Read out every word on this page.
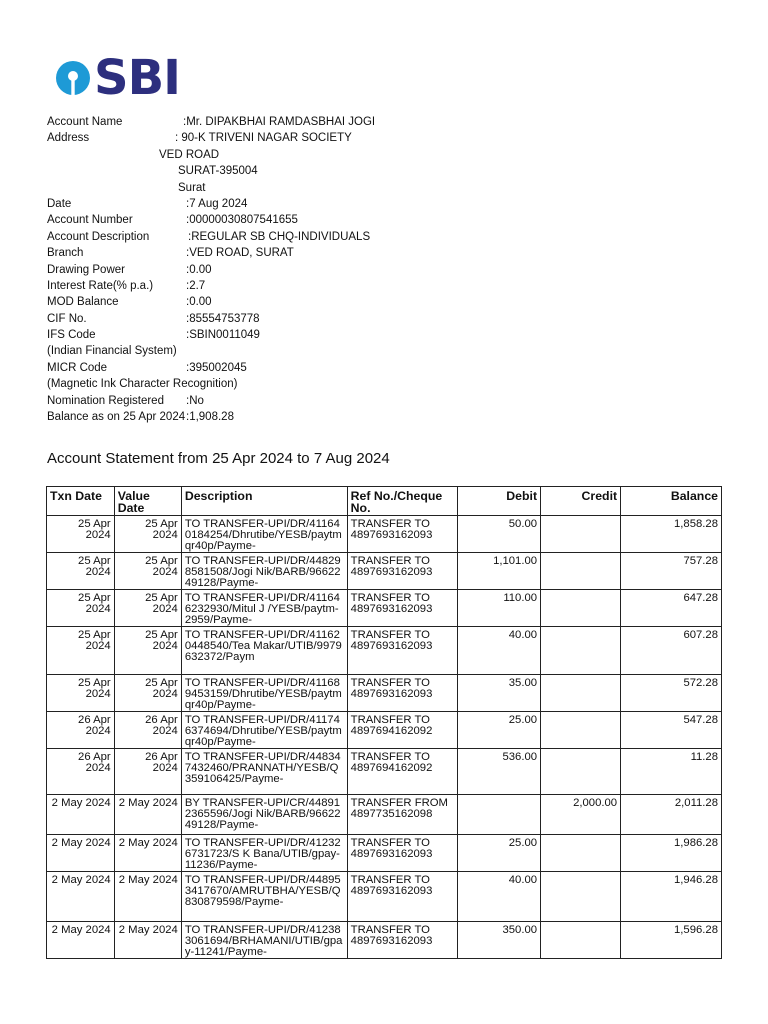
SBI
Account Name	:Mr. DIPAKBHAI RAMDASBHAI JOGI
Address	: 90-K TRIVENI NAGAR SOCIETY
VED ROAD
SURAT-395004
Surat
Date	:7 Aug 2024
Account Number	:00000030807541655
Account Description	:REGULAR SB CHQ-INDIVIDUALS
Branch	:VED ROAD, SURAT
Drawing Power	:0.00
Interest Rate(% p.a.)	:2.7
MOD Balance	:0.00
CIF No.	:85554753778
IFS Code	:SBIN0011049
(Indian Financial System)
MICR Code	:395002045
(Magnetic Ink Character Recognition)
Nomination Registered :No
Balance as on 25 Apr 2024 :1,908.28
Account Statement from 25 Apr 2024 to 7 Aug 2024
Txn Date	Value Date	Description	Ref No./Cheque No.	Debit	Credit	Balance
25 Apr 2024	25 Apr 2024	TO TRANSFER-UPI/DR/411640184254/Dhrutibe/YESB/paytmqr40p/Payme-	TRANSFER TO 4897693162093	50.00		1,858.28
25 Apr 2024	25 Apr 2024	TO TRANSFER-UPI/DR/448298581508/Jogi Nik/BARB/9662249128/Payme-	TRANSFER TO 4897693162093	1,101.00		757.28
25 Apr 2024	25 Apr 2024	TO TRANSFER-UPI/DR/411646232930/Mitul J /YESB/paytm-2959/Payme-	TRANSFER TO 4897693162093	110.00		647.28
25 Apr 2024	25 Apr 2024	TO TRANSFER-UPI/DR/411620448540/Tea Makar/UTIB/9979632372/Paym	TRANSFER TO 4897693162093	40.00		607.28
25 Apr 2024	25 Apr 2024	TO TRANSFER-UPI/DR/411689453159/Dhrutibe/YESB/paytmqr40p/Payme-	TRANSFER TO 4897693162093	35.00		572.28
26 Apr 2024	26 Apr 2024	TO TRANSFER-UPI/DR/411746374694/Dhrutibe/YESB/paytmqr40p/Payme-	TRANSFER TO 4897694162092	25.00		547.28
26 Apr 2024	26 Apr 2024	TO TRANSFER-UPI/DR/448347432460/PRANNATH/YESB/Q359106425/Payme-	TRANSFER TO 4897694162092	536.00		11.28
2 May 2024	2 May 2024	BY TRANSFER-UPI/CR/448912365596/Jogi Nik/BARB/9662249128/Payme-	TRANSFER FROM 4897735162098		2,000.00	2,011.28
2 May 2024	2 May 2024	TO TRANSFER-UPI/DR/412326731723/S K Bana/UTIB/gpay-11236/Payme-	TRANSFER TO 4897693162093	25.00		1,986.28
2 May 2024	2 May 2024	TO TRANSFER-UPI/DR/448953417670/AMRUTBHA/YESB/Q830879598/Payme-	TRANSFER TO 4897693162093	40.00		1,946.28
2 May 2024	2 May 2024	TO TRANSFER-UPI/DR/412383061694/BRHAMANI/UTIB/gpay-11241/Payme-	TRANSFER TO 4897693162093	350.00		1,596.28
